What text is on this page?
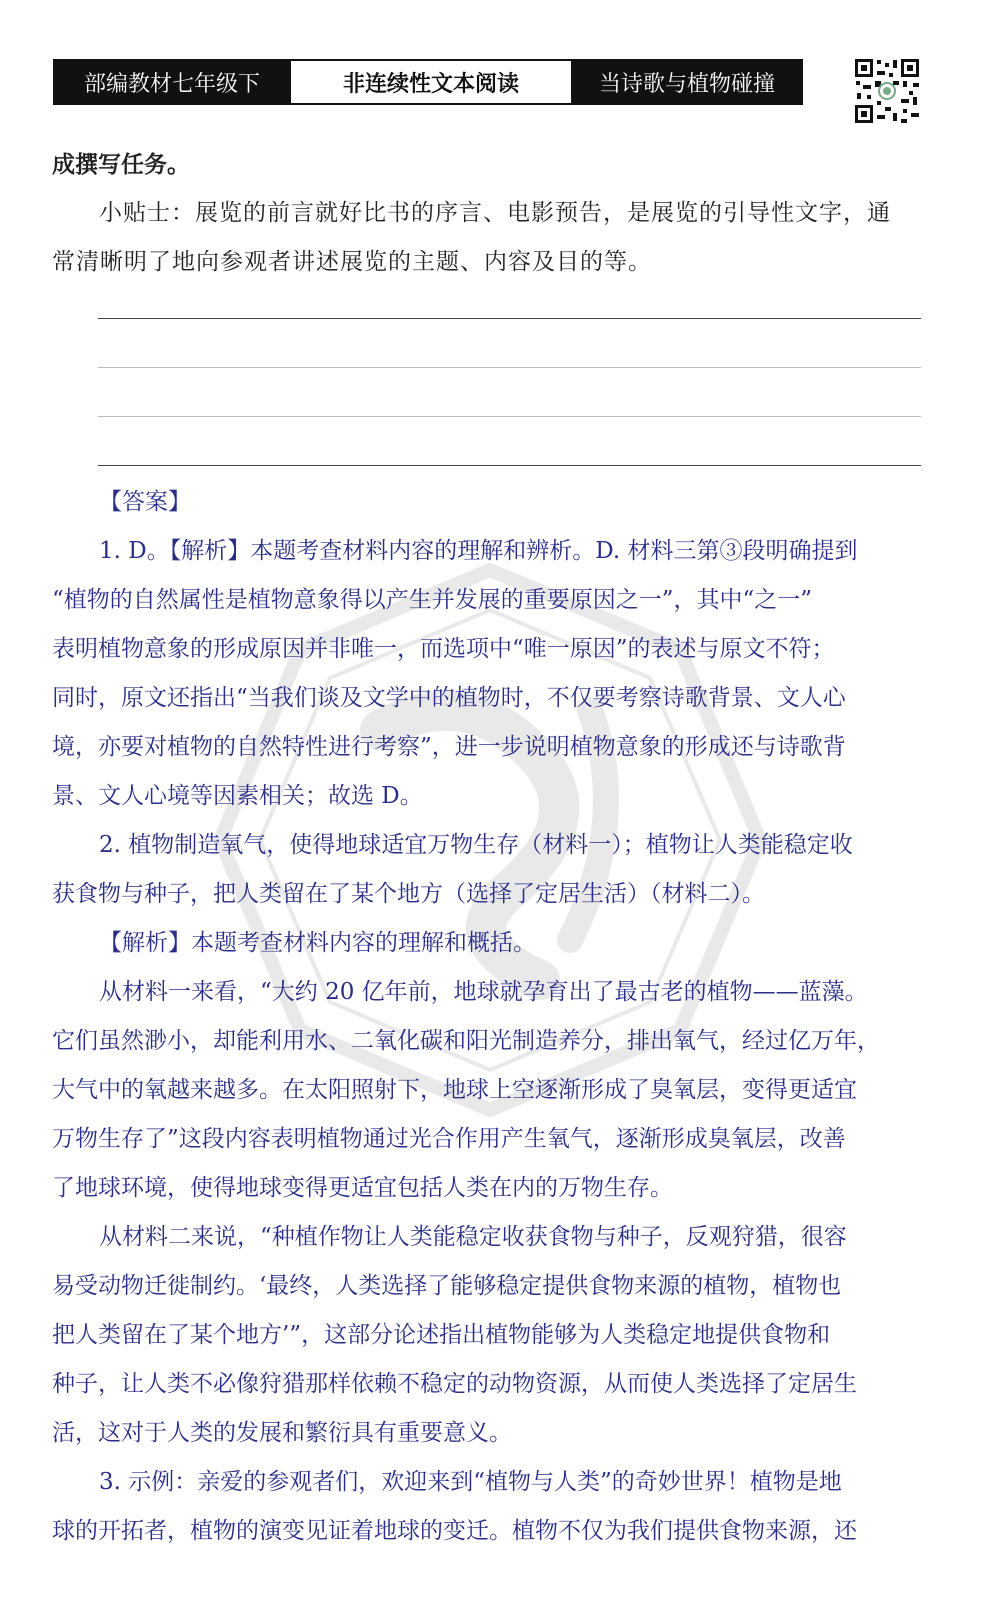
部编教材七年级下	非连续性文本阅读	当诗歌与植物碰撞
成撰写任务。
小贴士：展览的前言就好比书的序言、电影预告，是展览的引导性文字，通
常清晰明了地向参观者讲述展览的主题、内容及目的等。
【答案】
1. D。【解析】本题考查材料内容的理解和辨析。D. 材料三第③段明确提到
“植物的自然属性是植物意象得以产生并发展的重要原因之一”，其中“之一”
表明植物意象的形成原因并非唯一，而选项中“唯一原因”的表述与原文不符；
同时，原文还指出“当我们谈及文学中的植物时，不仅要考察诗歌背景、文人心
境，亦要对植物的自然特性进行考察”，进一步说明植物意象的形成还与诗歌背
景、文人心境等因素相关；故选 D。
2. 植物制造氧气，使得地球适宜万物生存（材料一）；植物让人类能稳定收
获食物与种子，把人类留在了某个地方（选择了定居生活）（材料二）。
【解析】本题考查材料内容的理解和概括。
从材料一来看，“大约 20 亿年前，地球就孕育出了最古老的植物——蓝藻。
它们虽然渺小，却能利用水、二氧化碳和阳光制造养分，排出氧气，经过亿万年，
大气中的氧越来越多。在太阳照射下，地球上空逐渐形成了臭氧层，变得更适宜
万物生存了”这段内容表明植物通过光合作用产生氧气，逐渐形成臭氧层，改善
了地球环境，使得地球变得更适宜包括人类在内的万物生存。
从材料二来说，“种植作物让人类能稳定收获食物与种子，反观狩猎，很容
易受动物迁徙制约。‘最终，人类选择了能够稳定提供食物来源的植物，植物也
把人类留在了某个地方’”，这部分论述指出植物能够为人类稳定地提供食物和
种子，让人类不必像狩猎那样依赖不稳定的动物资源，从而使人类选择了定居生
活，这对于人类的发展和繁衍具有重要意义。
3. 示例：亲爱的参观者们，欢迎来到“植物与人类”的奇妙世界！植物是地
球的开拓者，植物的演变见证着地球的变迁。植物不仅为我们提供食物来源，还
